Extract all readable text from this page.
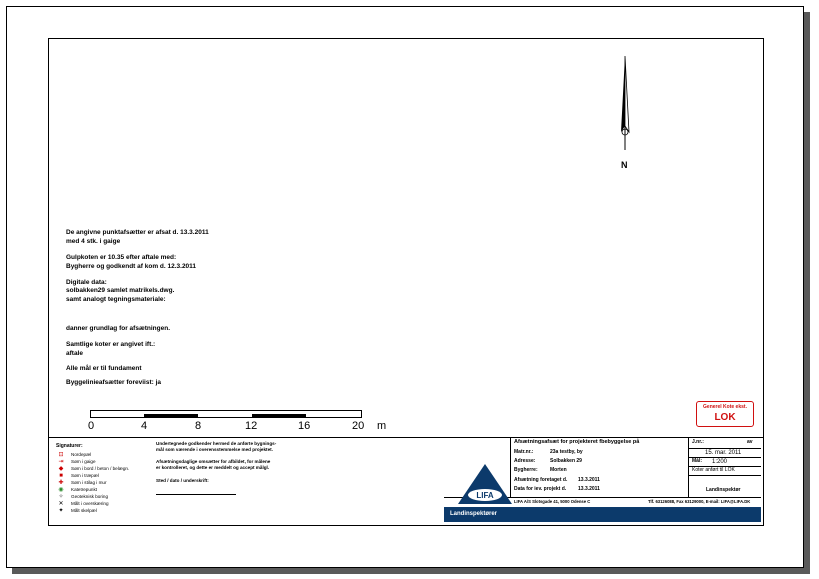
N
De angivne punktafsætter er afsat d. 13.3.2011
med 4 stk. i gaige
Gulpkoten er 10.35 efter aftale med:
Bygherre og godkendt af kom d. 12.3.2011
Digitale data:
solbakken29 samlet matrikels.dwg.
samt analogt tegningsmateriale:
danner grundlag for afsætningen.
Samtlige koter er angivet ift.:
aftale
Alle mål er til fundament
Byggelinieafsætter foreviist: ja
0	4	8	12	16	20 m
Generel Kote ekst.
LOK
Signaturer:
⊡ Nordepæl
⇥ Søm i gaige
◆ Søm i bord / beton / belægn.
■ Søm i træpæl
✚ Søm i stilag i mur
◉ Katetrepunkt
✧ Geoteknisk boring
✕ Målt i overskæring
✦ Målt skelpæl
Undertegnede godkender hermed de anførte bygnings-
mål som værende i overensstemmelse med projektet.
Afsætningsdaglige omsætter for afbildet, for målene
er kontrolleret, og dette er meddelt og accept målgl.
Sted / dato / underskrift:
LIFA
Afsætningsafsæt for projekteret fbebyggelse på
Matr.nr.:	23a testby, by
Adresse:	Solbakken 29
Bygherre: Morten
Afsætning foretaget d. 13.3.2011
Data for iev. projekt d. 13.3.2011
J.nr.:	av
15. mar. 2011
Mål: 1:200
Koter anført til LOK
Landinspektør
LIFA A/S Slotsgade 41, 5000 Odense C	Tlf. 63126088, Fax 63129000, E-mail: LIFA@LIFA.DK
Landinspektører
